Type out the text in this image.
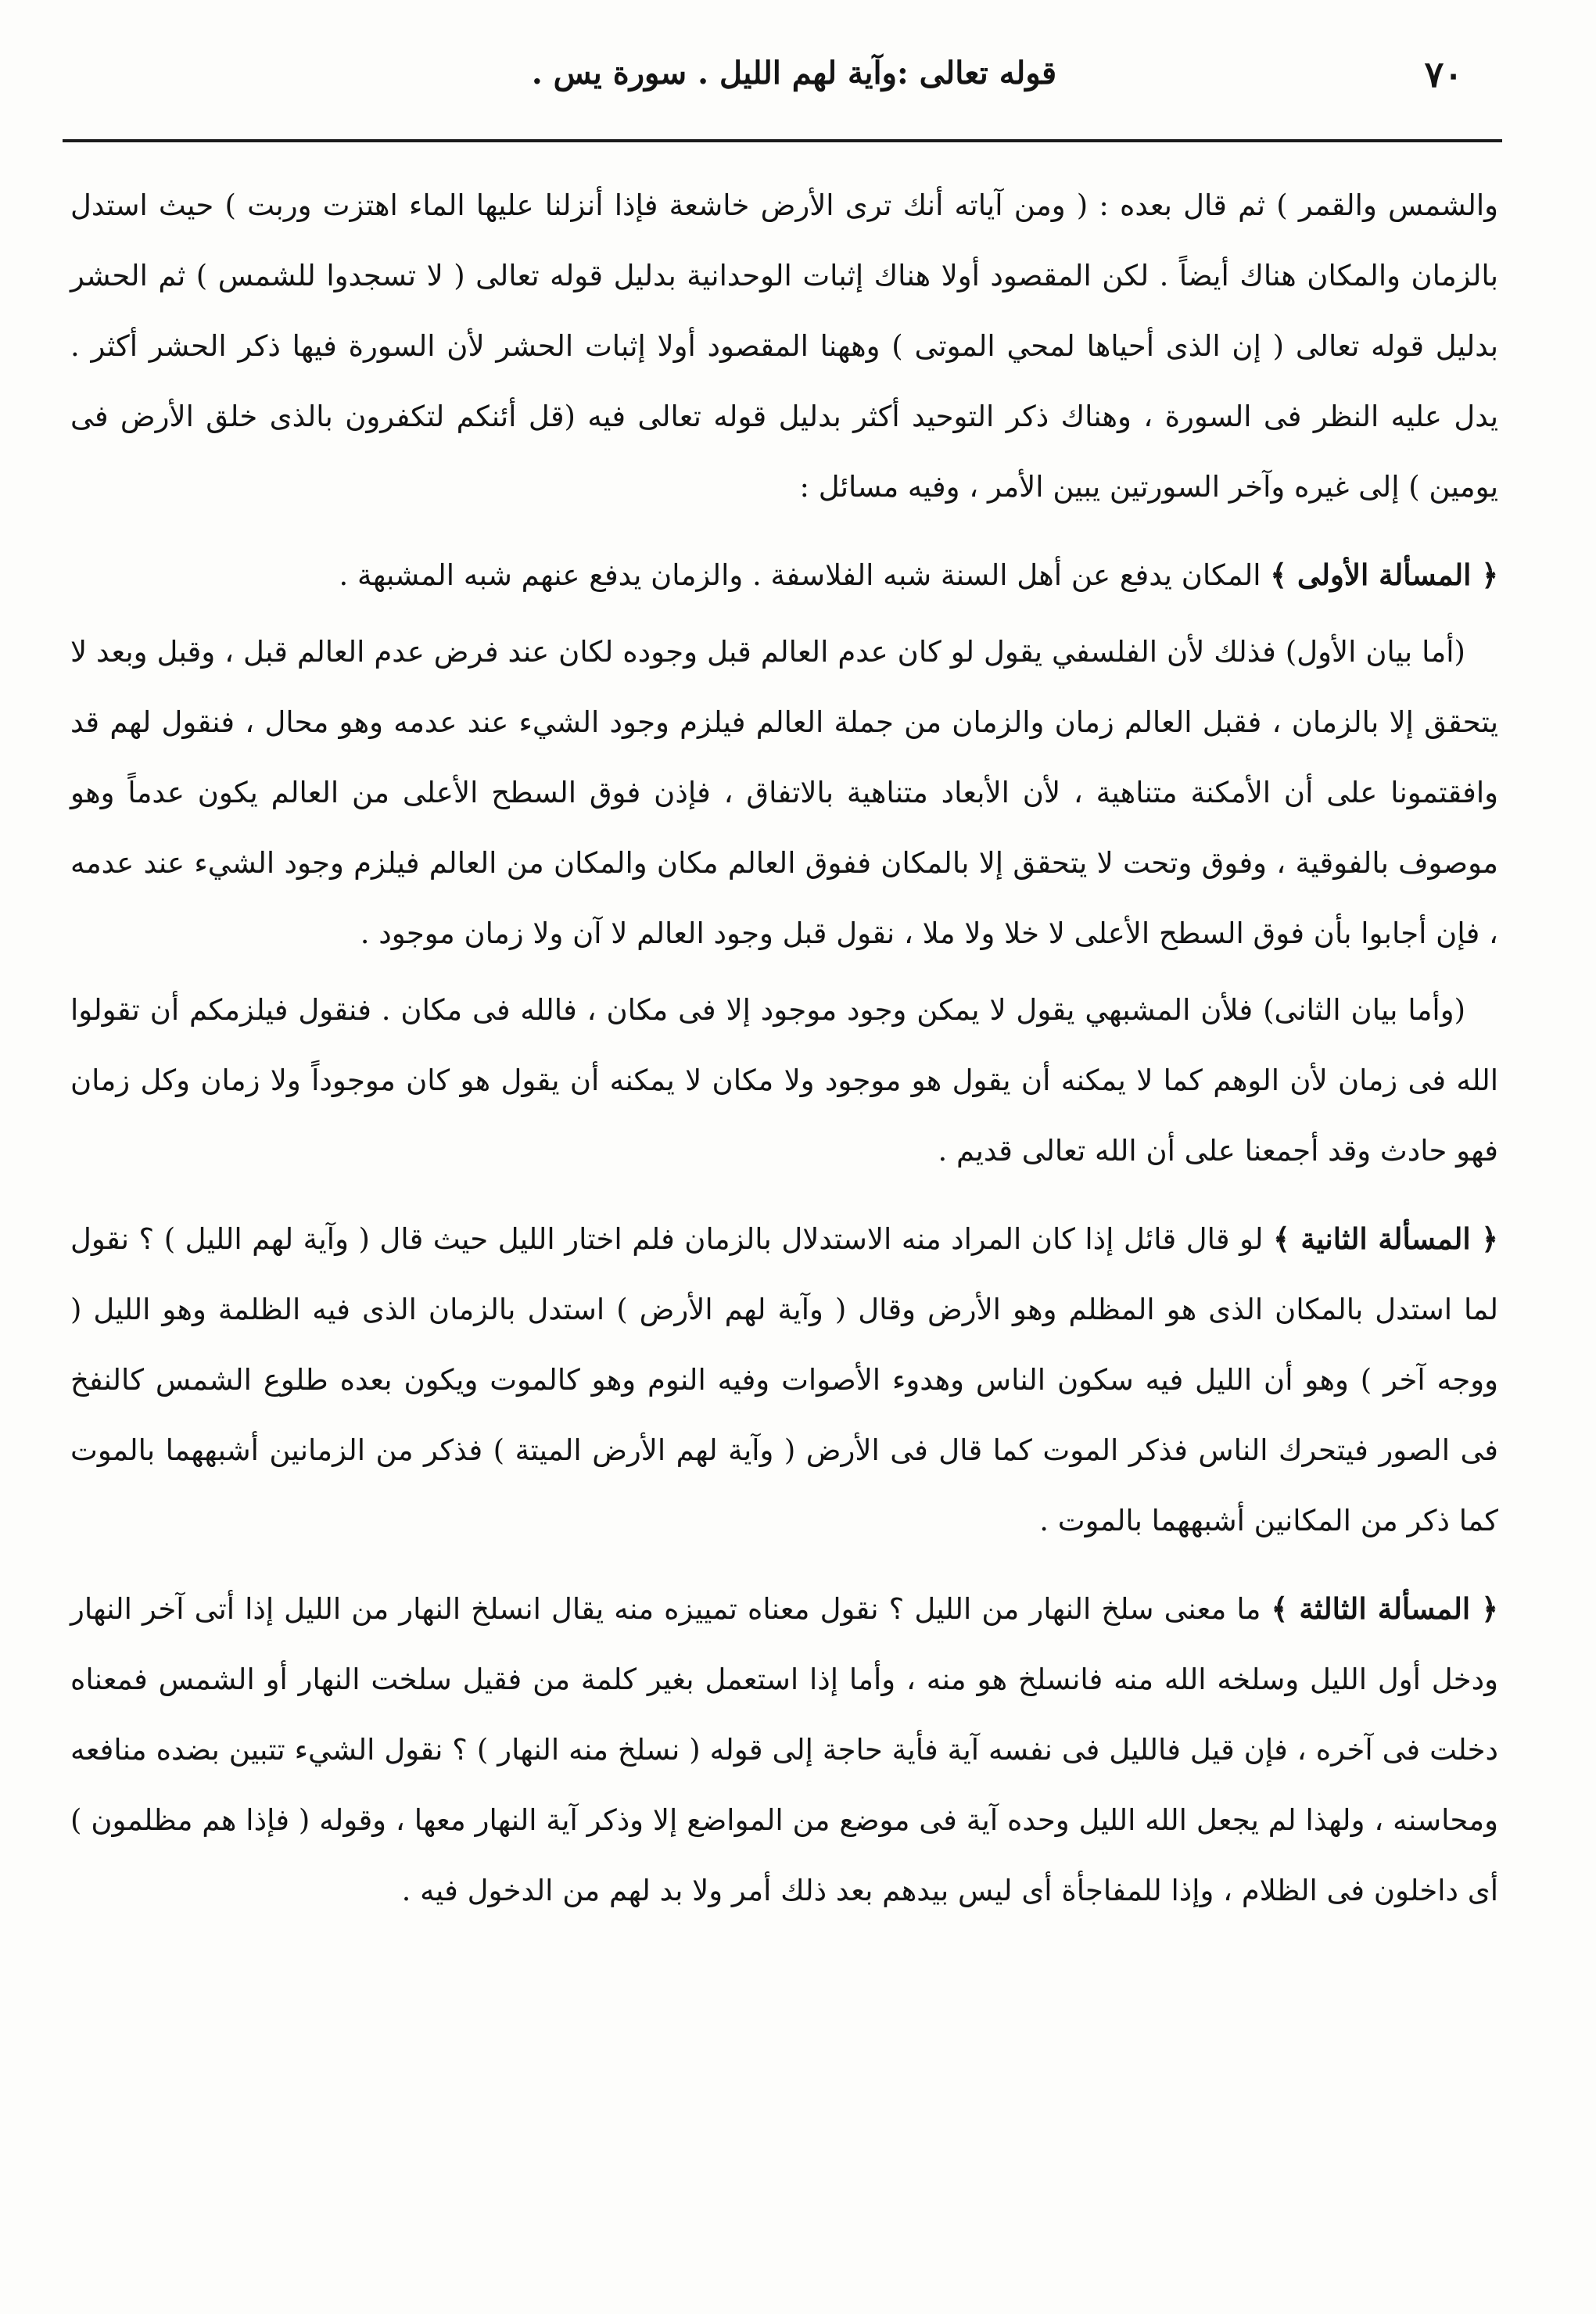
٧٠
قوله تعالى :وآية لهم الليل . سورة يس .

والشمس والقمر ) ثم قال بعده : ( ومن آياته أنك ترى الأرض خاشعة فإذا أنزلنا عليها الماء اهتزت وربت ) حيث استدل بالزمان والمكان هناك أيضاً . لكن المقصود أولا هناك إثبات الوحدانية بدليل قوله تعالى ( لا تسجدوا للشمس ) ثم الحشر بدليل قوله تعالى ( إن الذى أحياها لمحي الموتى ) وههنا المقصود أولا إثبات الحشر لأن السورة فيها ذكر الحشر أكثر . يدل عليه النظر فى السورة ، وهناك ذكر التوحيد أكثر بدليل قوله تعالى فيه (قل أئنكم لتكفرون بالذى خلق الأرض فى يومين ) إلى غيره وآخر السورتين يبين الأمر ، وفيه مسائل :

﴿ المسألة الأولى ﴾ المكان يدفع عن أهل السنة شبه الفلاسفة . والزمان يدفع عنهم شبه المشبهة .

(أما بيان الأول) فذلك لأن الفلسفي يقول لو كان عدم العالم قبل وجوده لكان عند فرض عدم العالم قبل ، وقبل وبعد لا يتحقق إلا بالزمان ، فقبل العالم زمان والزمان من جملة العالم فيلزم وجود الشيء عند عدمه وهو محال ، فنقول لهم قد وافقتمونا على أن الأمكنة متناهية ، لأن الأبعاد متناهية بالاتفاق ، فإذن فوق السطح الأعلى من العالم يكون عدماً وهو موصوف بالفوقية ، وفوق وتحت لا يتحقق إلا بالمكان ففوق العالم مكان والمكان من العالم فيلزم وجود الشيء عند عدمه ، فإن أجابوا بأن فوق السطح الأعلى لا خلا ولا ملا ، نقول قبل وجود العالم لا آن ولا زمان موجود .

(وأما بيان الثانى) فلأن المشبهي يقول لا يمكن وجود موجود إلا فى مكان ، فالله فى مكان . فنقول فيلزمكم أن تقولوا الله فى زمان لأن الوهم كما لا يمكنه أن يقول هو موجود ولا مكان لا يمكنه أن يقول هو كان موجوداً ولا زمان وكل زمان فهو حادث وقد أجمعنا على أن الله تعالى قديم .

﴿ المسألة الثانية ﴾ لو قال قائل إذا كان المراد منه الاستدلال بالزمان فلم اختار الليل حيث قال ( وآية لهم الليل ) ؟ نقول لما استدل بالمكان الذى هو المظلم وهو الأرض وقال ( وآية لهم الأرض ) استدل بالزمان الذى فيه الظلمة وهو الليل ( ووجه آخر ) وهو أن الليل فيه سكون الناس وهدوء الأصوات وفيه النوم وهو كالموت ويكون بعده طلوع الشمس كالنفخ فى الصور فيتحرك الناس فذكر الموت كما قال فى الأرض ( وآية لهم الأرض الميتة ) فذكر من الزمانين أشبههما بالموت كما ذكر من المكانين أشبههما بالموت .

﴿ المسألة الثالثة ﴾ ما معنى سلخ النهار من الليل ؟ نقول معناه تمييزه منه يقال انسلخ النهار من الليل إذا أتى آخر النهار ودخل أول الليل وسلخه الله منه فانسلخ هو منه ، وأما إذا استعمل بغير كلمة من فقيل سلخت النهار أو الشمس فمعناه دخلت فى آخره ، فإن قيل فالليل فى نفسه آية فأية حاجة إلى قوله ( نسلخ منه النهار ) ؟ نقول الشيء تتبين بضده منافعه ومحاسنه ، ولهذا لم يجعل الله الليل وحده آية فى موضع من المواضع إلا وذكر آية النهار معها ، وقوله ( فإذا هم مظلمون ) أى داخلون فى الظلام ، وإذا للمفاجأة أى ليس بيدهم بعد ذلك أمر ولا بد لهم من الدخول فيه .
